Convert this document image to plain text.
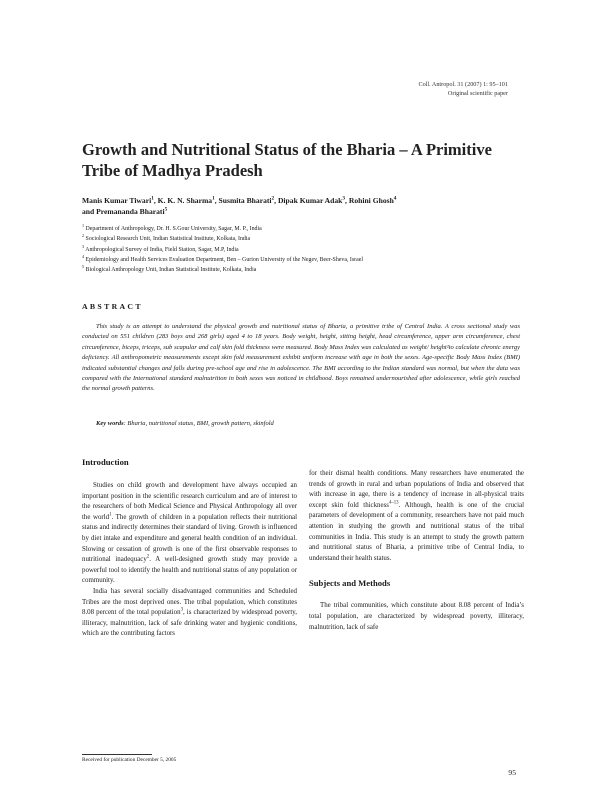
Coll. Antropol. 31 (2007) 1: 95–101
Original scientific paper
Growth and Nutritional Status of the Bharia – A Primitive Tribe of Madhya Pradesh
Manis Kumar Tiwari$^1$, K. K. N. Sharma$^1$, Susmita Bharati$^2$, Dipak Kumar Adak$^3$, Rohini Ghosh$^4$
and Premananda Bharati$^5$
$^1$ Department of Anthropology, Dr. H. S.Gour University, Sagar, M. P., India
$^2$ Sociological Research Unit, Indian Statistical Institute, Kolkata, India
$^3$ Anthropological Survey of India, Field Station, Sagar, M.P, India
$^4$ Epidemiology and Health Services Evaluation Department, Ben – Gurion University of the Negev, Beer-Sheva, Israel
$^5$ Biological Anthropology Unit, Indian Statistical Institute, Kolkata, India
ABSTRACT
This study is an attempt to understand the physical growth and nutritional status of Bharia, a primitive tribe of Central India. A cross sectional study was conducted on 551 children (283 boys and 268 girls) aged 4 to 18 years. Body weight, height, sitting height, head circumference, upper arm circumference, chest circumference, biceps, triceps, sub scapular and calf skin fold thickness were measured. Body Mass Index was calculated as weight/ height²to calculate chronic energy deficiency. All anthropometric measurements except skin fold measurement exhibit uniform increase with age in both the sexes. Age-specific Body Mass Index (BMI) indicated substantial changes and falls during pre-school age and rise in adolescence. The BMI according to the Indian standard was normal, but when the data was compared with the International standard malnutrition in both sexes was noticed in childhood. Boys remained undernourished after adolescence, while girls reached the normal growth patterns.
Key words: Bharia, nutritional status, BMI, growth pattern, skinfold
Introduction

Studies on child growth and development have always occupied an important position in the scientific research curriculum and are of interest to the researchers of both Medical Science and Physical Anthropology all over the world$^1$. The growth of children in a population reflects their nutritional status and indirectly determines their standard of living. Growth is influenced by diet intake and expenditure and general health condition of an individual. Slowing or cessation of growth is one of the first observable responses to nutritional inadequacy$^2$. A well-designed growth study may provide a powerful tool to identify the health and nutritional status of any population or community.

India has several socially disadvantaged communities and Scheduled Tribes are the most deprived ones. The tribal population, which constitutes 8.08 percent of the total population$^3$, is characterized by widespread poverty, illiteracy, malnutrition, lack of safe drinking water and hygienic conditions, which are the contributing factors

for their dismal health conditions. Many researchers have enumerated the trends of growth in rural and urban populations of India and observed that with increase in age, there is a tendency of increase in all-physical traits except skin fold thickness$^{4-13}$. Although, health is one of the crucial parameters of development of a community, researchers have not paid much attention in studying the growth and nutritional status of the tribal communities in India. This study is an attempt to study the growth pattern and nutritional status of Bharia, a primitive tribe of Central India, to understand their health status.

Subjects and Methods

The tribal communities, which constitute about 8.08 percent of India’s total population, are characterized by widespread poverty, illiteracy, malnutrition, lack of safe

Received for publication December 5, 2005
95
